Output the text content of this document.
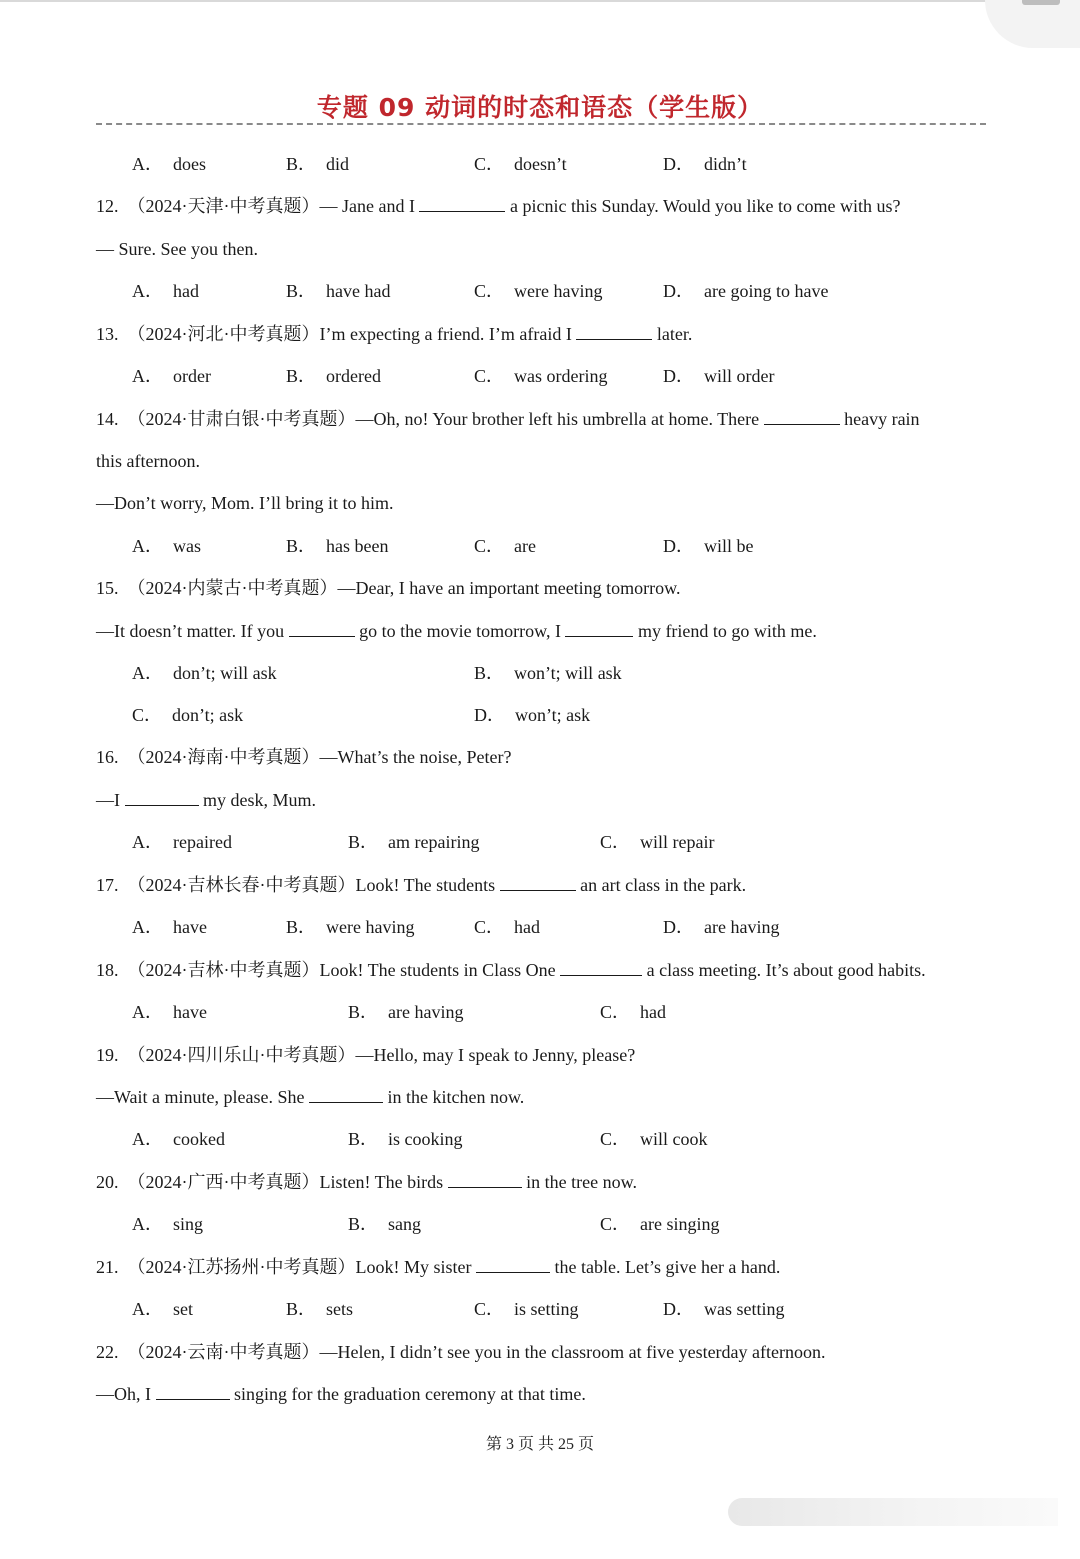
专题 09 动词的时态和语态（学生版）
A． does	B． did	C． doesn’t	D． didn’t
12. （2024·天津·中考真题）— Jane and I	a picnic this Sunday. Would you like to come with us?
— Sure. See you then.
A． had	B． have had	C． were having	D． are going to have
13. （2024·河北·中考真题）I’m expecting a friend. I’m afraid I	later.
A． order	B． ordered	C． was ordering	D． will order
14. （2024·甘肃白银·中考真题）—Oh, no! Your brother left his umbrella at home. There	heavy rain
this afternoon.
—Don’t worry, Mom. I’ll bring it to him.
A． was	B． has been	C． are	D． will be
15. （2024·内蒙古·中考真题）—Dear, I have an important meeting tomorrow.
—It doesn’t matter. If you	go to the movie tomorrow, I	my friend to go with me.
A． don’t; will ask	B． won’t; will ask
C． don’t; ask	D． won’t; ask
16. （2024·海南·中考真题）—What’s the noise, Peter?
—I	my desk, Mum.
A． repaired	B． am repairing	C． will repair
17. （2024·吉林长春·中考真题）Look! The students	an art class in the park.
A． have	B． were having	C． had	D． are having
18. （2024·吉林·中考真题）Look! The students in Class One	a class meeting. It’s about good habits.
A． have	B． are having	C． had
19. （2024·四川乐山·中考真题）—Hello, may I speak to Jenny, please?
—Wait a minute, please. She	in the kitchen now.
A． cooked	B． is cooking	C． will cook
20. （2024·广西·中考真题）Listen! The birds	in the tree now.
A． sing	B． sang	C． are singing
21. （2024·江苏扬州·中考真题）Look! My sister	the table. Let’s give her a hand.
A． set	B． sets	C． is setting	D． was setting
22. （2024·云南·中考真题）—Helen, I didn’t see you in the classroom at five yesterday afternoon.
—Oh, I	singing for the graduation ceremony at that time.
第 3 页 共 25 页
